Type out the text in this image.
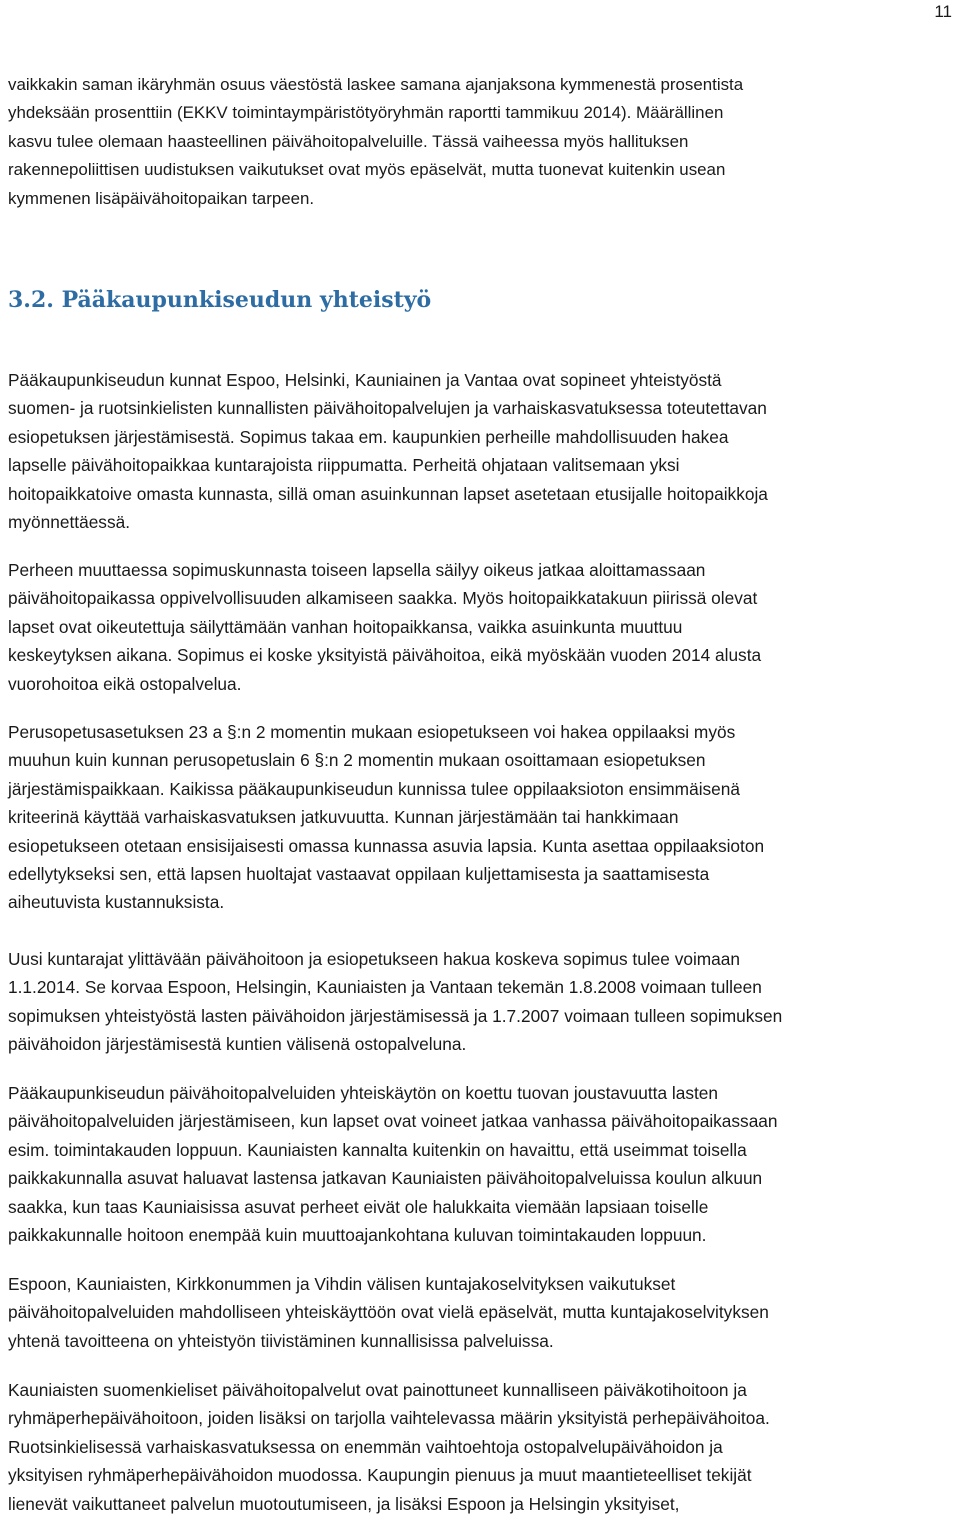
11

vaikkakin saman ikäryhmän osuus väestöstä laskee samana ajanjaksona kymmenestä prosentista
yhdeksään prosenttiin (EKKV toimintaympäristötyöryhmän raportti tammikuu 2014). Määrällinen
kasvu tulee olemaan haasteellinen päivähoitopalveluille. Tässä vaiheessa myös hallituksen
rakennepoliittisen uudistuksen vaikutukset ovat myös epäselvät, mutta tuonevat kuitenkin usean
kymmenen lisäpäivähoitopaikan tarpeen.

3.2. Pääkaupunkiseudun yhteistyö

Pääkaupunkiseudun kunnat Espoo, Helsinki, Kauniainen ja Vantaa ovat sopineet yhteistyöstä
suomen- ja ruotsinkielisten kunnallisten päivähoitopalvelujen ja varhaiskasvatuksessa toteutettavan
esiopetuksen järjestämisestä. Sopimus takaa em. kaupunkien perheille mahdollisuuden hakea
lapselle päivähoitopaikkaa kuntarajoista riippumatta. Perheitä ohjataan valitsemaan yksi
hoitopaikkatoive omasta kunnasta, sillä oman asuinkunnan lapset asetetaan etusijalle hoitopaikkoja
myönnettäessä.

Perheen muuttaessa sopimuskunnasta toiseen lapsella säilyy oikeus jatkaa aloittamassaan
päivähoitopaikassa oppivelvollisuuden alkamiseen saakka. Myös hoitopaikkatakuun piirissä olevat
lapset ovat oikeutettuja säilyttämään vanhan hoitopaikkansa, vaikka asuinkunta muuttuu
keskeytyksen aikana. Sopimus ei koske yksityistä päivähoitoa, eikä myöskään vuoden 2014 alusta
vuorohoitoa eikä ostopalvelua.

Perusopetusasetuksen 23 a §:n 2 momentin mukaan esiopetukseen voi hakea oppilaaksi myös
muuhun kuin kunnan perusopetuslain 6 §:n 2 momentin mukaan osoittamaan esiopetuksen
järjestämispaikkaan. Kaikissa pääkaupunkiseudun kunnissa tulee oppilaaksioton ensimmäisenä
kriteerinä käyttää varhaiskasvatuksen jatkuvuutta. Kunnan järjestämään tai hankkimaan
esiopetukseen otetaan ensisijaisesti omassa kunnassa asuvia lapsia. Kunta asettaa oppilaaksioton
edellytykseksi sen, että lapsen huoltajat vastaavat oppilaan kuljettamisesta ja saattamisesta
aiheutuvista kustannuksista.

Uusi kuntarajat ylittävään päivähoitoon ja esiopetukseen hakua koskeva sopimus tulee voimaan
1.1.2014. Se korvaa Espoon, Helsingin, Kauniaisten ja Vantaan tekemän 1.8.2008 voimaan tulleen
sopimuksen yhteistyöstä lasten päivähoidon järjestämisessä ja 1.7.2007 voimaan tulleen sopimuksen
päivähoidon järjestämisestä kuntien välisenä ostopalveluna.

Pääkaupunkiseudun päivähoitopalveluiden yhteiskäytön on koettu tuovan joustavuutta lasten
päivähoitopalveluiden järjestämiseen, kun lapset ovat voineet jatkaa vanhassa päivähoitopaikassaan
esim. toimintakauden loppuun. Kauniaisten kannalta kuitenkin on havaittu, että useimmat toisella
paikkakunnalla asuvat haluavat lastensa jatkavan Kauniaisten päivähoitopalveluissa koulun alkuun
saakka, kun taas Kauniaisissa asuvat perheet eivät ole halukkaita viemään lapsiaan toiselle
paikkakunnalle hoitoon enempää kuin muuttoajankohtana kuluvan toimintakauden loppuun.

Espoon, Kauniaisten, Kirkkonummen ja Vihdin välisen kuntajakoselvityksen vaikutukset
päivähoitopalveluiden mahdolliseen yhteiskäyttöön ovat vielä epäselvät, mutta kuntajakoselvityksen
yhtenä tavoitteena on yhteistyön tiivistäminen kunnallisissa palveluissa.

Kauniaisten suomenkieliset päivähoitopalvelut ovat painottuneet kunnalliseen päiväkotihoitoon ja
ryhmäperhepäivähoitoon, joiden lisäksi on tarjolla vaihtelevassa määrin yksityistä perhepäivähoitoa.
Ruotsinkielisessä varhaiskasvatuksessa on enemmän vaihtoehtoja ostopalvelupäivähoidon ja
yksityisen ryhmäperhepäivähoidon muodossa. Kaupungin pienuus ja muut maantieteelliset tekijät
lienevät vaikuttaneet palvelun muotoutumiseen, ja lisäksi Espoon ja Helsingin yksityiset,
